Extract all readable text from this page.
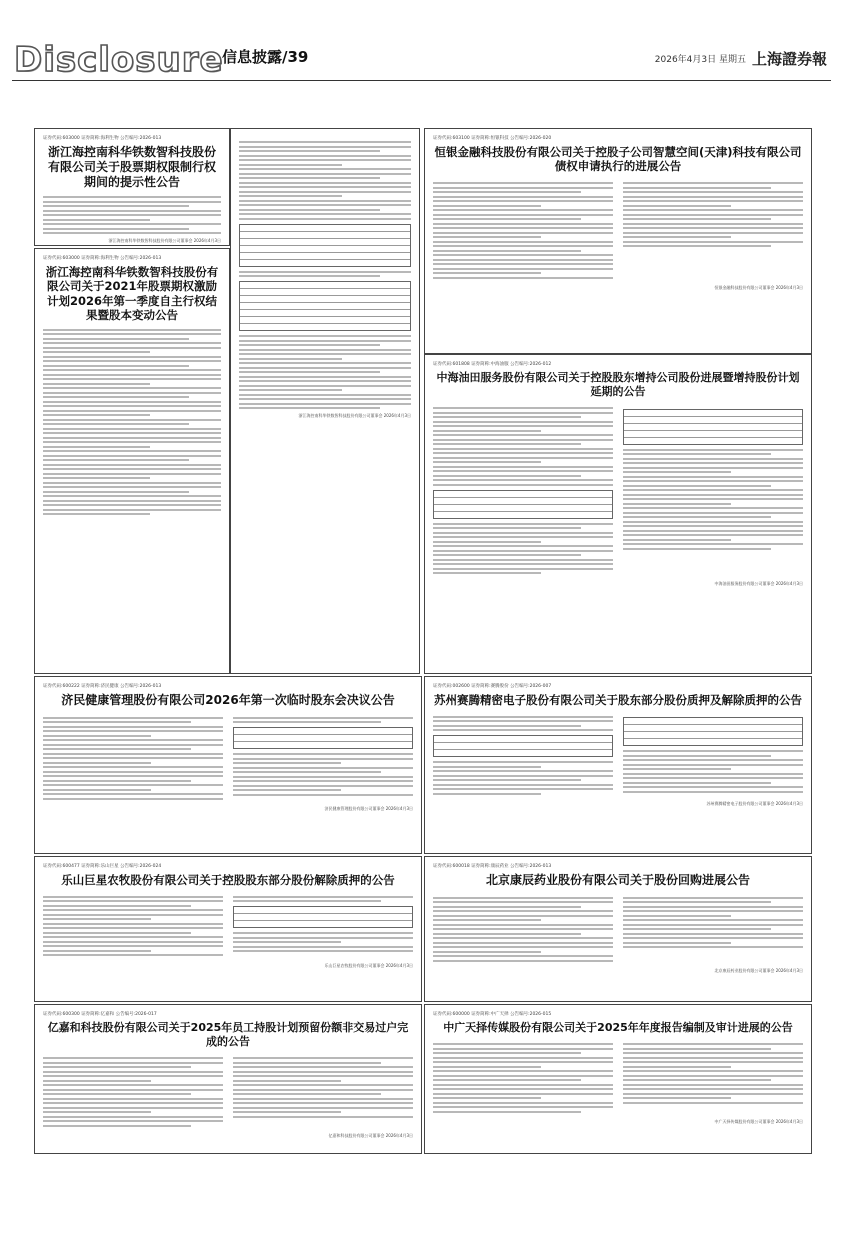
Disclosure
信息披露/39	2026年4月3日 星期五 上海證券報
证券代码:603000 证券简称:海利生物 公告编号:2026-013
浙江海控南科华铁数智科技股份有限公司关于股票期权限制行权期间的提示性公告
浙江海控南科华铁数智科技股份有限公司董事会 2026年4月3日
证券代码:603000 证券简称:海利生物 公告编号:2026-013
浙江海控南科华铁数智科技股份有限公司关于2021年股票期权激励计划2026年第一季度自主行权结果暨股本变动公告
浙江海控南科华铁数智科技股份有限公司董事会 2026年4月3日
证券代码:603100 证券简称:恒银科技 公告编号:2026-020
恒银金融科技股份有限公司关于控股子公司智慧空间(天津)科技有限公司债权申请执行的进展公告
恒银金融科技股份有限公司董事会 2026年4月3日
证券代码:601808 证券简称:中海油服 公告编号:2026-012
中海油田服务股份有限公司关于控股股东增持公司股份进展暨增持股份计划延期的公告
中海油田服务股份有限公司董事会 2026年4月3日
证券代码:600222 证券简称:济民健康 公告编号:2026-013
济民健康管理股份有限公司2026年第一次临时股东会决议公告
济民健康管理股份有限公司董事会 2026年4月3日
证券代码:002600 证券简称:赛腾股份 公告编号:2026-007
苏州赛腾精密电子股份有限公司关于股东部分股份质押及解除质押的公告
苏州赛腾精密电子股份有限公司董事会 2026年4月3日
证券代码:600477 证券简称:乐山巨星 公告编号:2026-024
乐山巨星农牧股份有限公司关于控股股东部分股份解除质押的公告
乐山巨星农牧股份有限公司董事会 2026年4月3日
证券代码:600018 证券简称:康辰药业 公告编号:2026-013
北京康辰药业股份有限公司关于股份回购进展公告
北京康辰药业股份有限公司董事会 2026年4月3日
证券代码:600300 证券简称:亿嘉和 公告编号:2026-017
亿嘉和科技股份有限公司关于2025年员工持股计划预留份额非交易过户完成的公告
亿嘉和科技股份有限公司董事会 2026年4月3日
证券代码:600000 证券简称:中广天择 公告编号:2026-015
中广天择传媒股份有限公司关于2025年年度报告编制及审计进展的公告
中广天择传媒股份有限公司董事会 2026年4月3日
